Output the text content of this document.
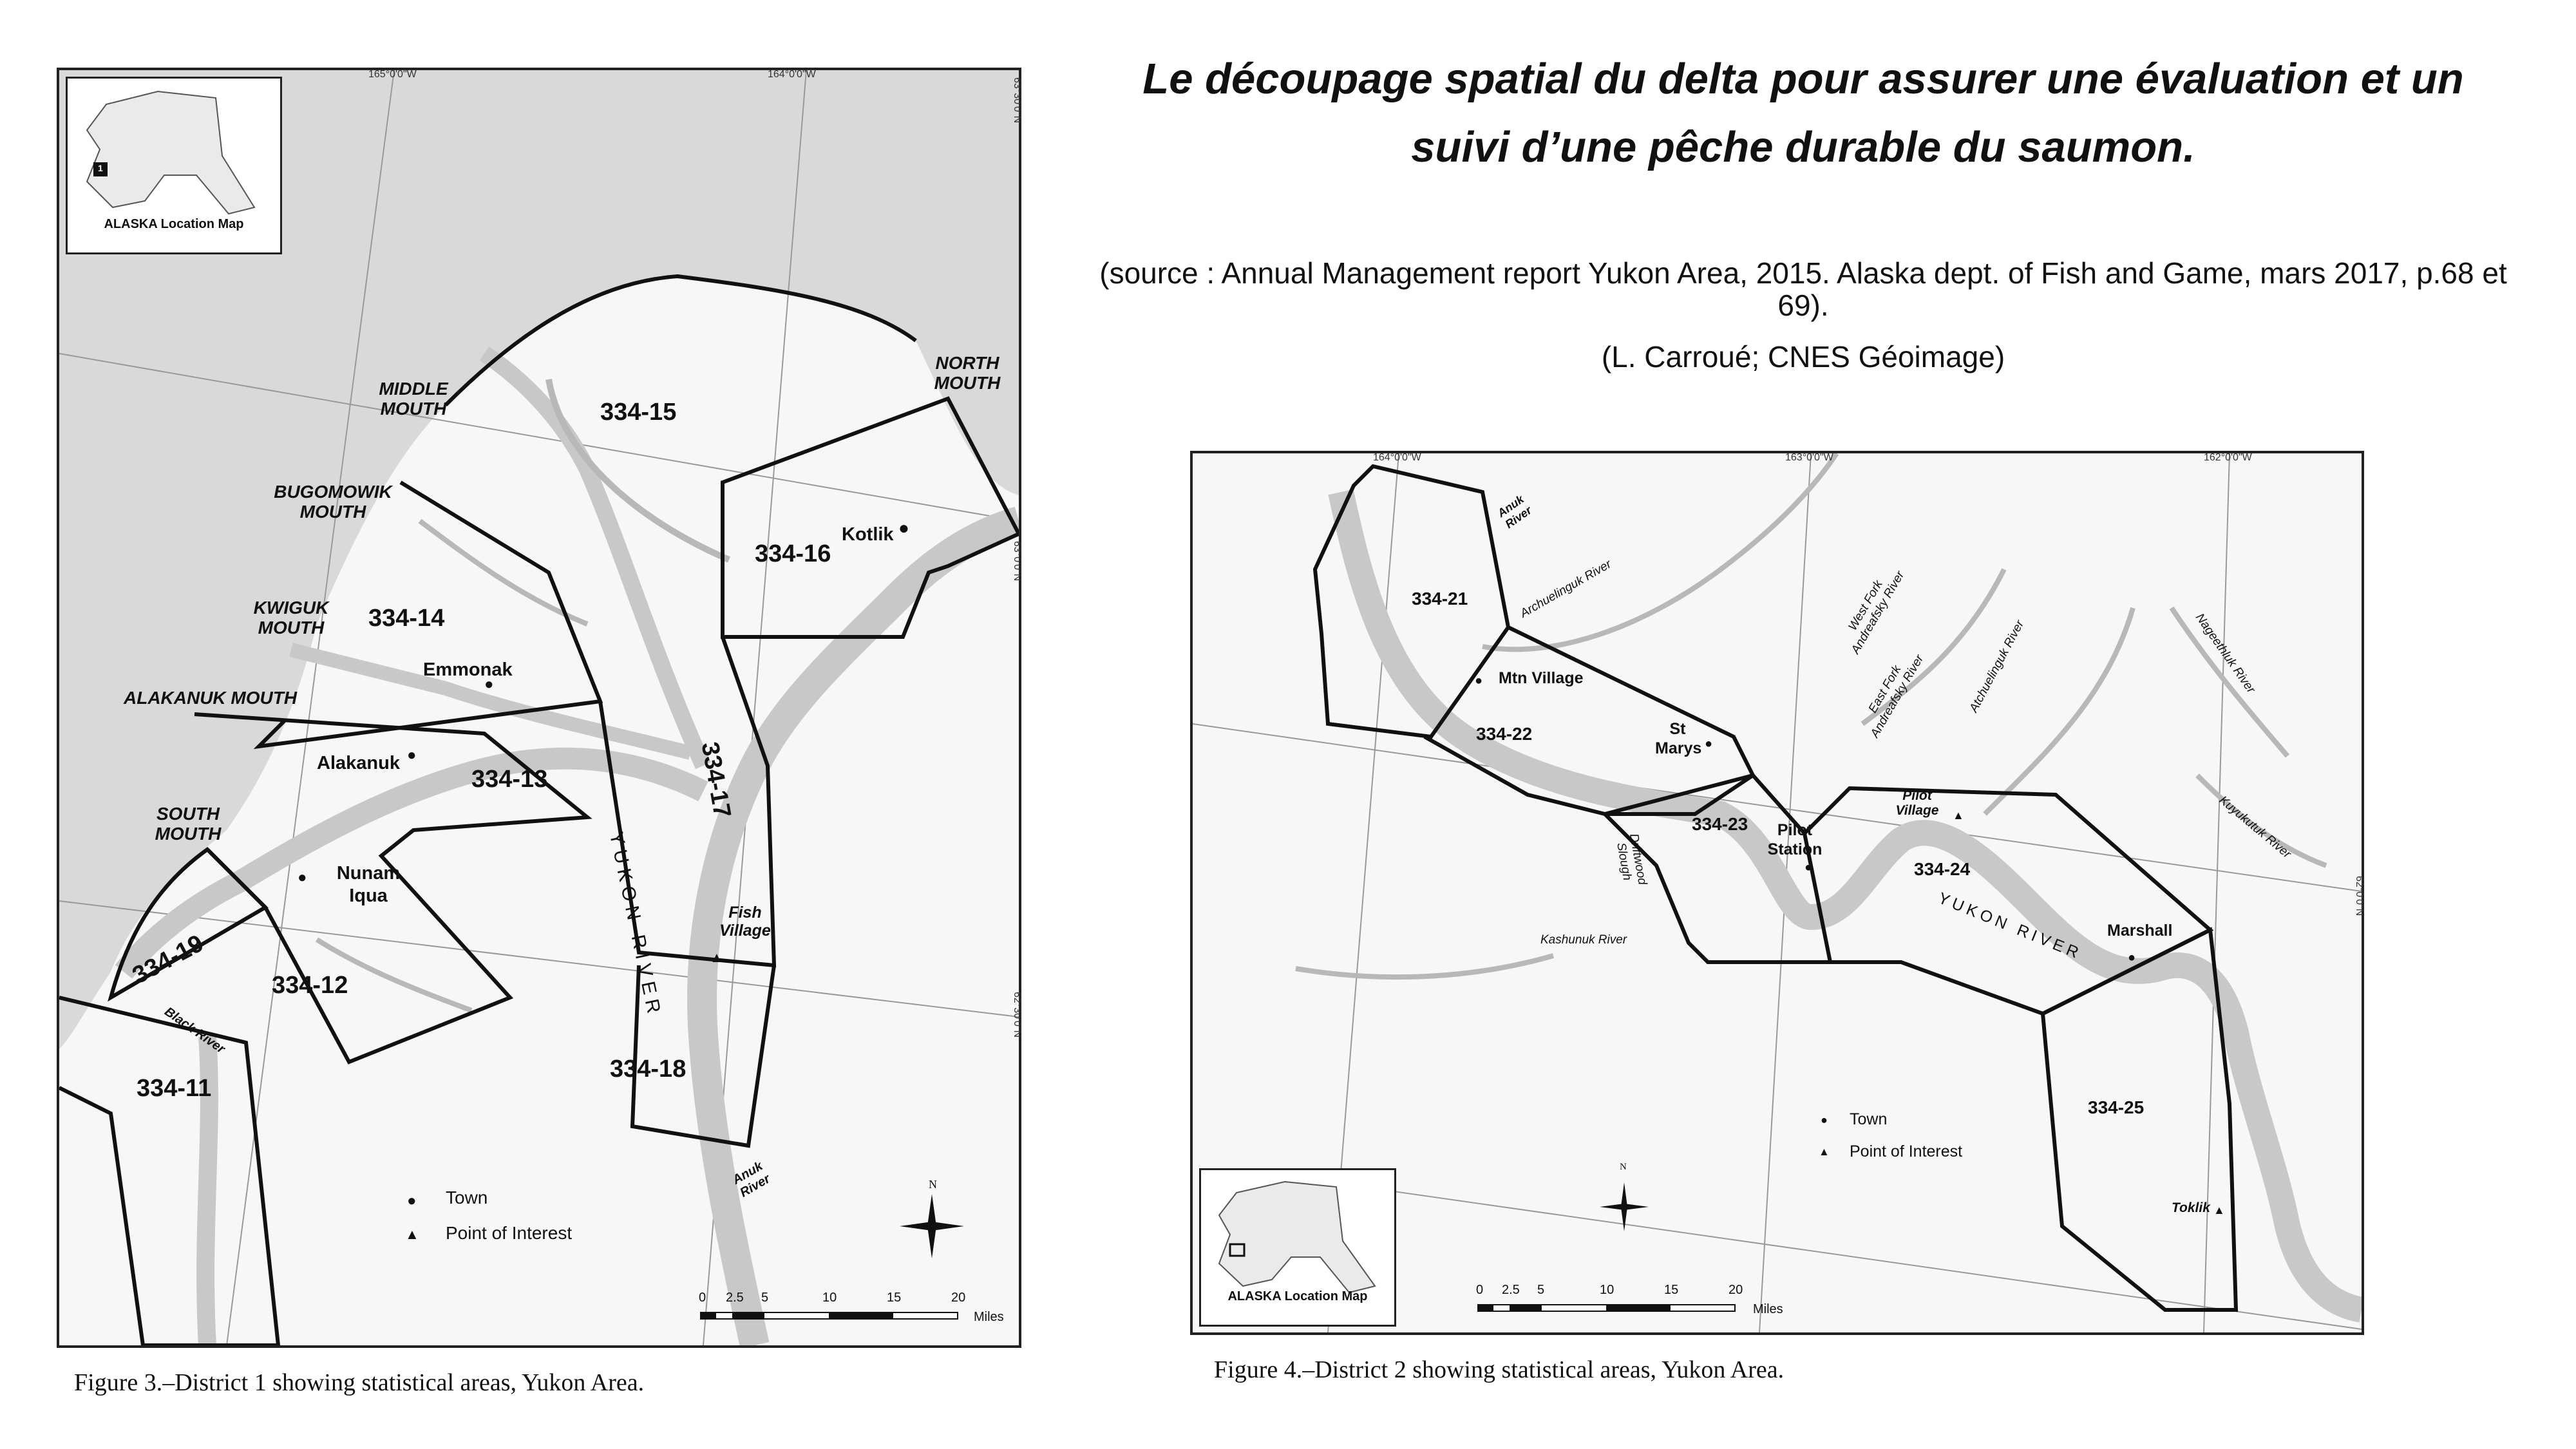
Le découpage spatial du delta pour assurer une évaluation et un suivi d’une pêche durable du saumon.
(source : Annual Management report Yukon Area, 2015. Alaska dept. of Fish and Game, mars 2017, p.68 et 69).
(L. Carroué; CNES Géoimage)
334-15
334-16
334-14
334-13	334-17
334-19	334-12
334-11
334-18
NORTH MOUTH
MIDDLE MOUTH
BUGOMOWIK MOUTH
KWIGUK MOUTH
ALAKANUK MOUTH
SOUTH MOUTH
●
Kotlik
●
Emmonak
●
Alakanuk
●	Nunam Iqua
▲
Fish Village
YUKON RIVER
Black River
Anuk River
165°0'0"W	164°0'0"W
1
ALASKA Location Map
● Town
▲ Point of Interest
N
0 2.5 5	10	15	20
Miles
63°30'0"N
63°0'0"N
62°30'0"N
Figure 3.–District 1 showing statistical areas, Yukon Area.
334-21
334-22
334-23
334-24
334-25
● Mtn Village
●
St Marys
●
Pilot Station
●
Marshall
▲
Pilot Village
▲
Toklik
Anuk River
Archuelinguk River	West Fork Andreafsky River
East Fork Andreafsky River	Atchuelinguk River	Nageethluk River
Kuyukutuk River
Driftwood Slough
Kashunuk River	YUKON RIVER
164°0'0"W	163°0'0"W	162°0'0"W
ALASKA Location Map
● Town
▲ Point of Interest
N
0 2.5 5	10	15	20
Miles
62°0'0"N
Figure 4.–District 2 showing statistical areas, Yukon Area.
